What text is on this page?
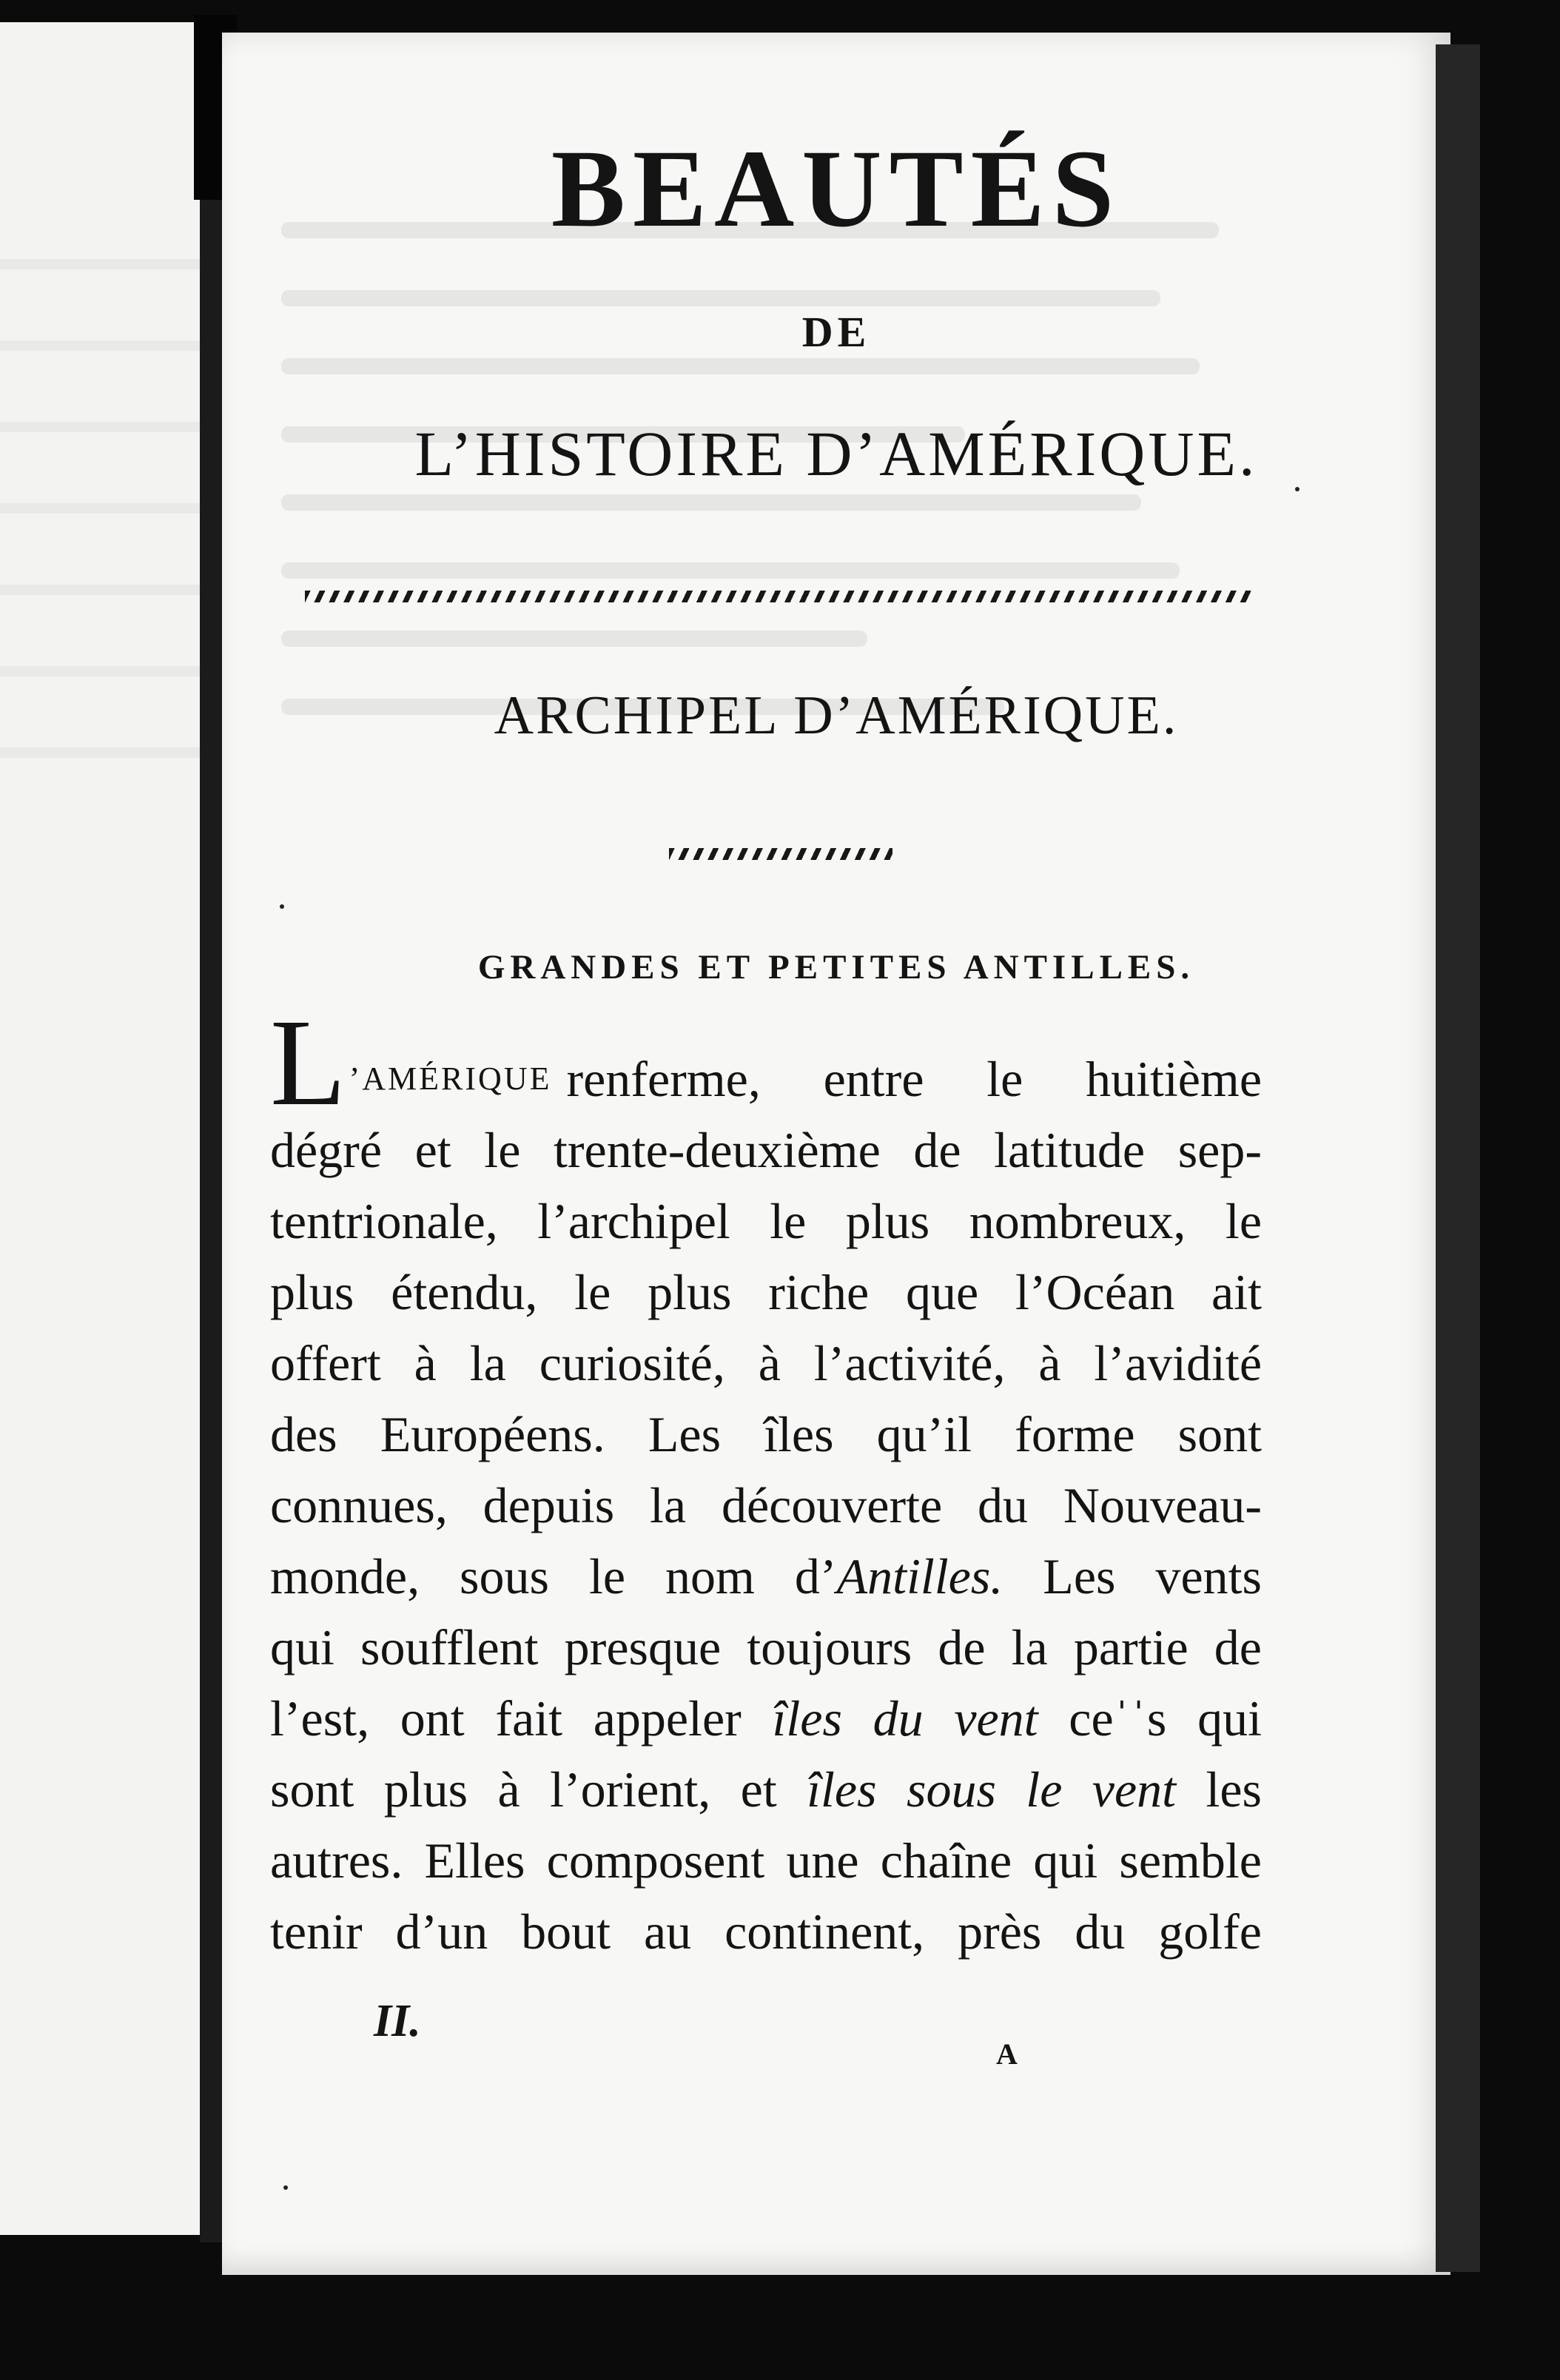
BEAUTÉS
DE
L’HISTOIRE D’AMÉRIQUE.
ARCHIPEL D’AMÉRIQUE.
GRANDES ET PETITES ANTILLES.
L ’AMÉRIQUE renferme, entre le huitième
dégré et le trente-deuxième de latitude sep-
tentrionale, l’archipel le plus nombreux, le
plus étendu, le plus riche que l’Océan ait
offert à la curiosité, à l’activité, à l’avidité
des Européens. Les îles qu’il forme sont
connues, depuis la découverte du Nouveau-
monde, sous le nom d’Antilles. Les vents
qui soufflent presque toujours de la partie de
l’est, ont fait appeler îles du vent ceˈˈs qui
sont plus à l’orient, et îles sous le vent les
autres. Elles composent une chaîne qui semble
tenir d’un bout au continent, près du golfe
II.
A
